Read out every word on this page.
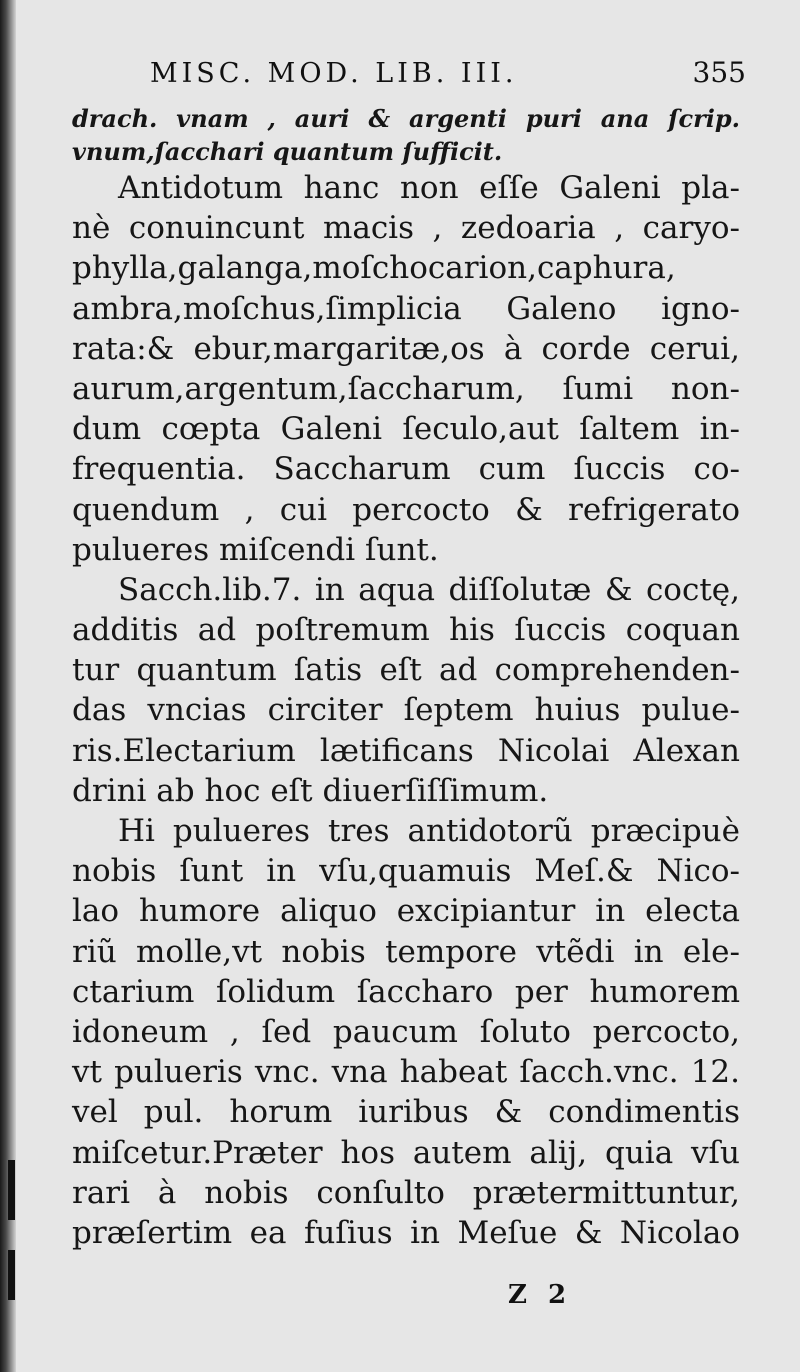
MISC. MOD. LIB. III.	355
drach. vnam , auri & argenti puri ana ſcrip.
vnum,ſacchari quantum ſufficit.
Antidotum hanc non eſſe Galeni pla-
nè conuincunt macis , zedoaria , caryo-
phylla,galanga,moſchocarion,caphura,
ambra,moſchus,ſimplicia Galeno igno-
rata:& ebur,margaritæ,os à corde cerui,
aurum,argentum,ſaccharum, ſumi non-
dum cœpta Galeni ſeculo,aut ſaltem in-
frequentia. Saccharum cum ſuccis co-
quendum , cui percocto & refrigerato
pulueres miſcendi ſunt.
Sacch.lib.7. in aqua diſſolutæ & coctę,
additis ad poſtremum his ſuccis coquan
tur quantum ſatis eſt ad comprehenden-
das vncias circiter ſeptem huius pulue-
ris.Electarium lætificans Nicolai Alexan
drini ab hoc eſt diuerſiſſimum.
Hi pulueres tres antidotorũ præcipuè
nobis ſunt in vſu,quamuis Meſ.& Nico-
lao humore aliquo excipiantur in electa
riũ molle,vt nobis tempore vtẽdi in ele-
ctarium ſolidum ſaccharo per humorem
idoneum , ſed paucum ſoluto percocto,
vt pulueris vnc. vna habeat ſacch.vnc. 12.
vel pul. horum iuribus & condimentis
miſcetur.Præter hos autem alij, quia vſu
rari à nobis conſulto prætermittuntur,
præſertim ea fuſius in Meſue & Nicolao
Z 2
